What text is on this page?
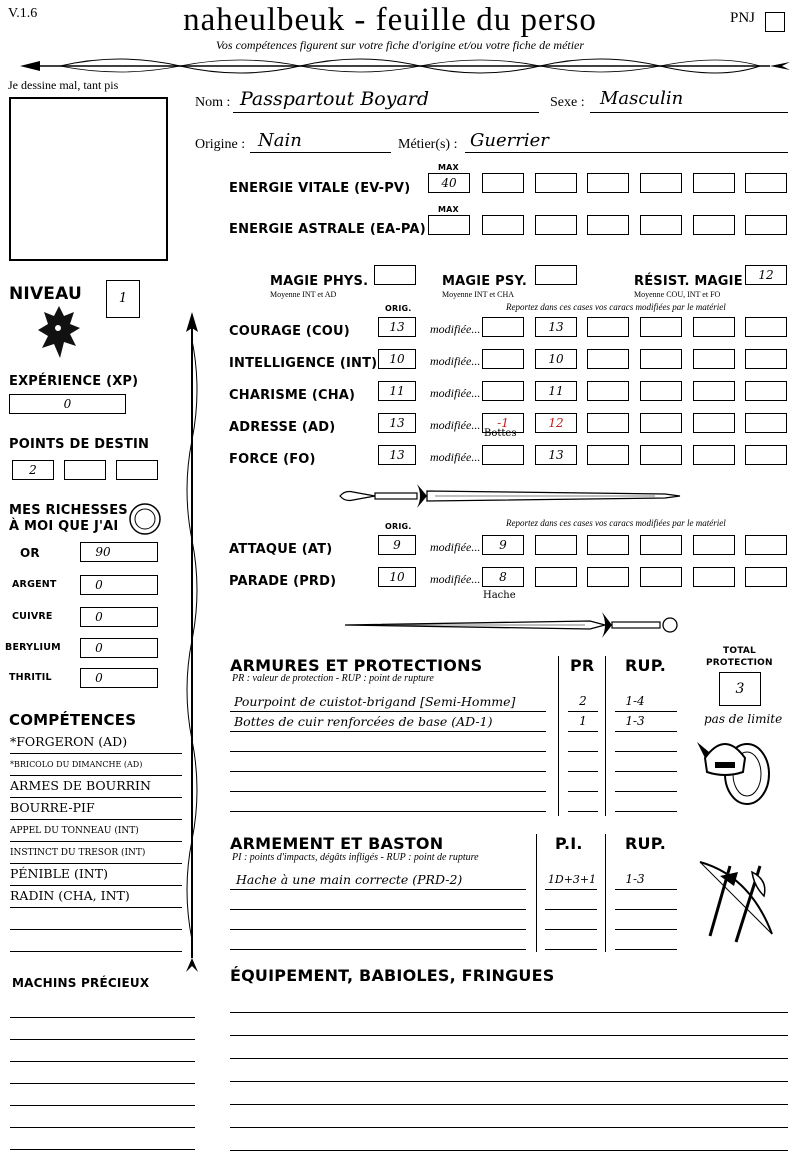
V.1.6	naheulbeuk - feuille du perso
Vos compétences figurent sur votre fiche d'origine et/ou votre fiche de métier
PNJ
Je dessine mal, tant pis
NIVEAU	1
EXPÉRIENCE (XP)
0
POINTS DE DESTIN
2
MES RICHESSES
À MOI QUE J'AI
OR	90
ARGENT	0
CUIVRE	0
BERYLIUM	0
THRITIL	0
COMPÉTENCES
*FORGERON (AD)
*BRICOLO DU DIMANCHE (AD)
ARMES DE BOURRIN
BOURRE-PIF
APPEL DU TONNEAU (INT)
INSTINCT DU TRESOR (INT)
PÉNIBLE (INT)
RADIN (CHA, INT)
MACHINS PRÉCIEUX
Nom : Passpartout Boyard	Sexe : Masculin
Origine : Nain	Métier(s) : Guerrier
MAX
ENERGIE VITALE (EV-PV)	40
MAX
ENERGIE ASTRALE (EA-PA)
MAGIE PHYS.
Moyenne INT et AD
MAGIE PSY.
Moyenne INT et CHA
RÉSIST. MAGIE
Moyenne COU, INT et FO
12
ORIG.	Reportez dans ces cases vos caracs modifiées par le matériel
COURAGE (COU)	13	modifiée...	13
INTELLIGENCE (INT)	10	modifiée...	10
CHARISME (CHA)	11	modifiée...	11
ADRESSE (AD)	13	modifiée...	-1	12
FORCE (FO)	13	modifiée...	13
Bottes
ORIG.	Reportez dans ces cases vos caracs modifiées par le matériel
ATTAQUE (AT)	9	modifiée...	9
PARADE (PRD)	10	modifiée...	8
Hache
ARMURES ET PROTECTIONS
PR : valeur de protection - RUP : point de rupture
PR RUP.
Pourpoint de cuistot-brigand [Semi-Homme]	2	1-4
Bottes de cuir renforcées de base (AD-1)	1	1-3
TOTAL
PROTECTION
3
pas de limite
ARMEMENT ET BASTON
PI : points d'impacts, dégâts infligés - RUP : point de rupture
P.I.	RUP.
Hache à une main correcte (PRD-2)	1D+3+1	1-3
ÉQUIPEMENT, BABIOLES, FRINGUES
